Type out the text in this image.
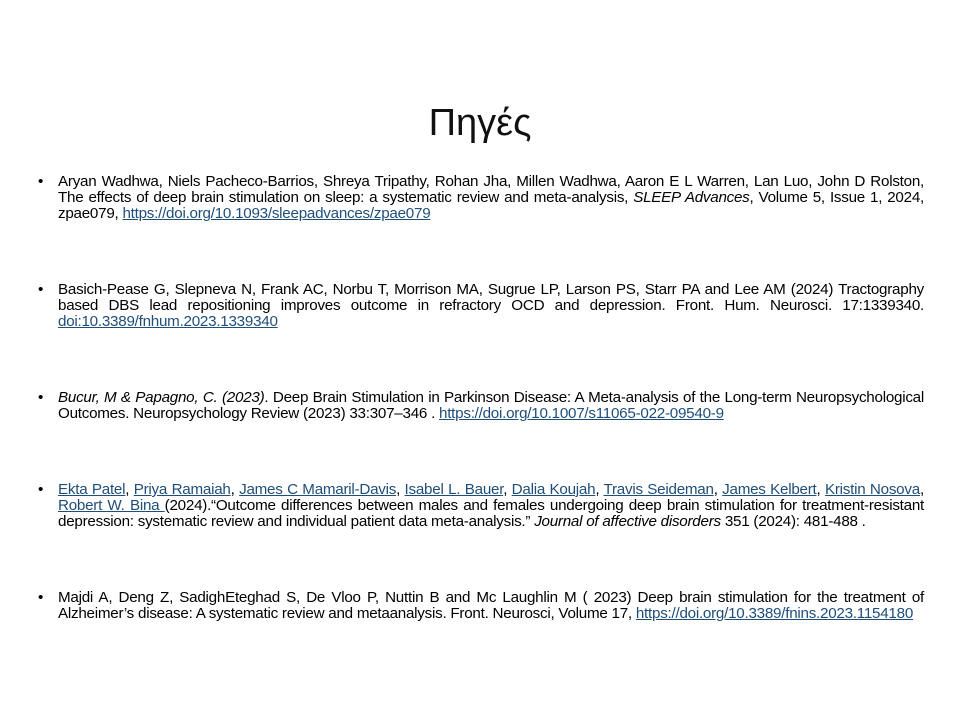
Πηγές
• Aryan Wadhwa, Niels Pacheco-Barrios, Shreya Tripathy, Rohan Jha, Millen Wadhwa, Aaron E L Warren, Lan Luo, John D Rolston, The effects of deep brain stimulation on sleep: a systematic review and meta-analysis, SLEEP Advances, Volume 5, Issue 1, 2024, zpae079, https://doi.org/10.1093/sleepadvances/zpae079
• Basich-Pease G, Slepneva N, Frank AC, Norbu T, Morrison MA, Sugrue LP, Larson PS, Starr PA and Lee AM (2024) Tractography based DBS lead repositioning improves outcome in refractory OCD and depression. Front. Hum. Neurosci. 17:1339340. doi:10.3389/fnhum.2023.1339340
• Bucur, M & Papagno, C. (2023). Deep Brain Stimulation in Parkinson Disease: A Meta-analysis of the Long-term Neuropsychological Outcomes. Neuropsychology Review (2023) 33:307–346 . https://doi.org/10.1007/s11065-022-09540-9
• Ekta Patel, Priya Ramaiah, James C Mamaril-Davis, Isabel L. Bauer, Dalia Koujah, Travis Seideman, James Kelbert, Kristin Nosova, Robert W. Bina (2024).“Outcome differences between males and females undergoing deep brain stimulation for treatment-resistant depression: systematic review and individual patient data meta-analysis.” Journal of affective disorders 351 (2024): 481-488 .
• Majdi A, Deng Z, SadighEteghad S, De Vloo P, Nuttin B and Mc Laughlin M ( 2023) Deep brain stimulation for the treatment of Alzheimer’s disease: A systematic review and metaanalysis. Front. Neurosci, Volume 17, https://doi.org/10.3389/fnins.2023.1154180
